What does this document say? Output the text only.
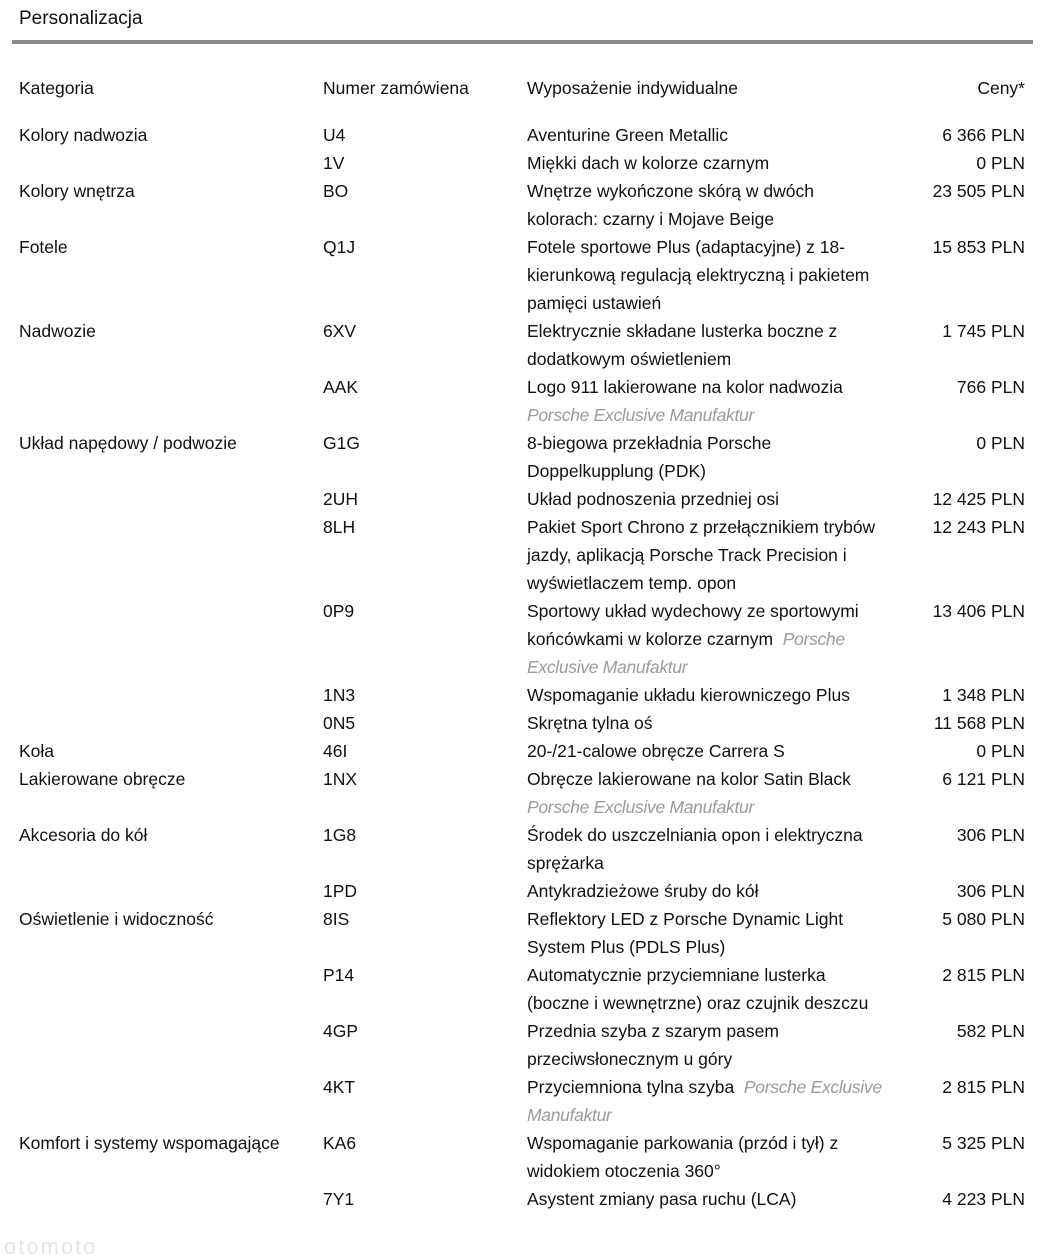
Personalizacja
Kategoria	Numer zamówiena	Wyposażenie indywidualne	Ceny*
Kolory nadwozia	U4	Aventurine Green Metallic	6 366 PLN
	1V	Miękki dach w kolorze czarnym	0 PLN
Kolory wnętrza	BO	Wnętrze wykończone skórą w dwóch kolorach: czarny i Mojave Beige	23 505 PLN
Fotele	Q1J	Fotele sportowe Plus (adaptacyjne) z 18-kierunkową regulacją elektryczną i pakietem pamięci ustawień	15 853 PLN
Nadwozie	6XV	Elektrycznie składane lusterka boczne z dodatkowym oświetleniem	1 745 PLN
	AAK	Logo 911 lakierowane na kolor nadwozia  Porsche Exclusive Manufaktur	766 PLN
Układ napędowy / podwozie	G1G	8-biegowa przekładnia Porsche Doppelkupplung (PDK)	0 PLN
	2UH	Układ podnoszenia przedniej osi	12 425 PLN
	8LH	Pakiet Sport Chrono z przełącznikiem trybów jazdy, aplikacją Porsche Track Precision i wyświetlaczem temp. opon	12 243 PLN
	0P9	Sportowy układ wydechowy ze sportowymi końcówkami w kolorze czarnym Porsche Exclusive Manufaktur	13 406 PLN
	1N3	Wspomaganie układu kierowniczego Plus	1 348 PLN
	0N5	Skrętna tylna oś	11 568 PLN
Koła	46I	20-/21-calowe obręcze Carrera S	0 PLN
Lakierowane obręcze	1NX	Obręcze lakierowane na kolor Satin Black  Porsche Exclusive Manufaktur	6 121 PLN
Akcesoria do kół	1G8	Środek do uszczelniania opon i elektryczna sprężarka	306 PLN
	1PD	Antykradzieżowe śruby do kół	306 PLN
Oświetlenie i widoczność	8IS	Reflektory LED z Porsche Dynamic Light System Plus (PDLS Plus)	5 080 PLN
	P14	Automatycznie przyciemniane lusterka (boczne i wewnętrzne) oraz czujnik deszczu	2 815 PLN
	4GP	Przednia szyba z szarym pasem przeciwsłonecznym u góry	582 PLN
	4KT	Przyciemniona tylna szyba Porsche Exclusive Manufaktur	2 815 PLN
Komfort i systemy wspomagające	KA6	Wspomaganie parkowania (przód i tył) z widokiem otoczenia 360°	5 325 PLN
	7Y1	Asystent zmiany pasa ruchu (LCA)	4 223 PLN
otomoto
